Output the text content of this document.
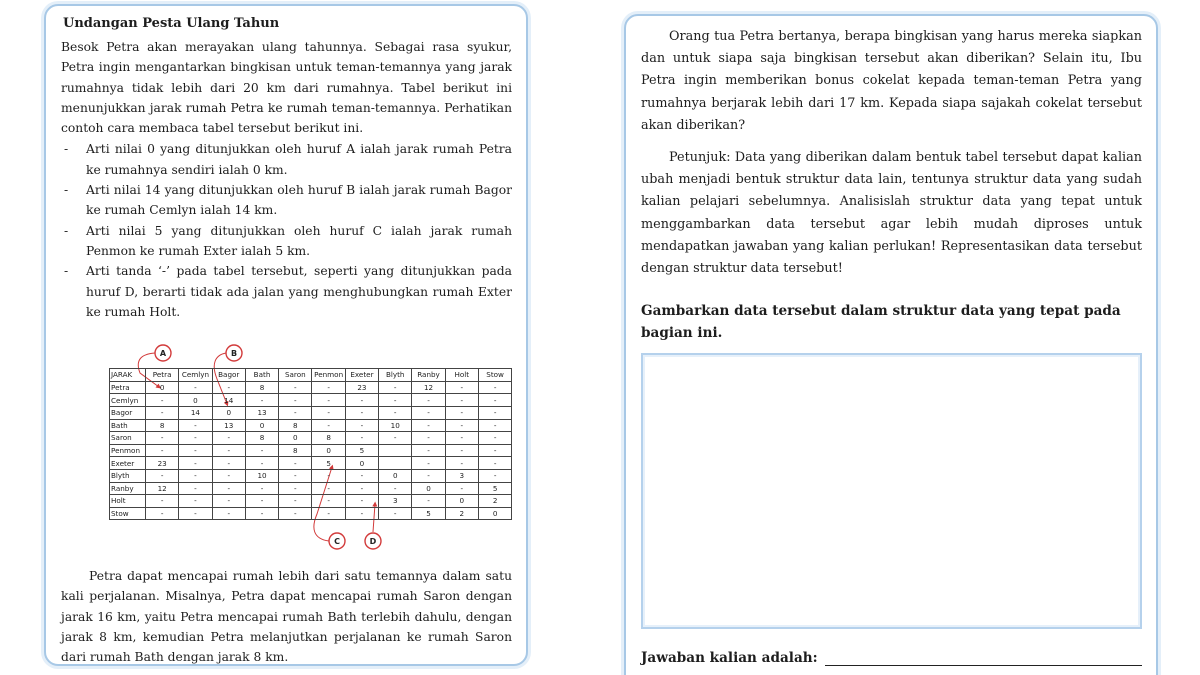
Undangan Pesta Ulang Tahun

Besok Petra akan merayakan ulang tahunnya. Sebagai rasa syukur, Petra ingin mengantarkan bingkisan untuk teman-temannya yang jarak rumahnya tidak lebih dari 20 km dari rumahnya. Tabel berikut ini menunjukkan jarak rumah Petra ke rumah teman-temannya. Perhatikan contoh cara membaca tabel tersebut berikut ini.

- Arti nilai 0 yang ditunjukkan oleh huruf A ialah jarak rumah Petra ke rumahnya sendiri ialah 0 km.
- Arti nilai 14 yang ditunjukkan oleh huruf B ialah jarak rumah Bagor ke rumah Cemlyn ialah 14 km.
- Arti nilai 5 yang ditunjukkan oleh huruf C ialah jarak rumah Penmon ke rumah Exter ialah 5 km.
- Arti tanda ‘-’ pada tabel tersebut, seperti yang ditunjukkan pada huruf D, berarti tidak ada jalan yang menghubungkan rumah Exter ke rumah Holt.
A	B
C	D
JARAK	Petra	Cemlyn	Bagor	Bath	Saron	Penmon	Exeter	Blyth	Ranby	Holt	Stow
Petra	0	-	-	8	-	-	23	-	12	-	-
Cemlyn	-	0	14	-	-	-	-	-	-	-	-
Bagor	-	14	0	13	-	-	-	-	-	-	-
Bath	8	-	13	0	8	-	-	10	-	-	-
Saron	-	-	-	8	0	8	-	-	-	-	-
Penmon	-	-	-	-	8	0	5		-	-	-
Exeter	23	-	-	-	-	5	0		-	-	-
Blyth	-	-	-	10	-	-	-	0	-	3	-
Ranby	12	-	-	-	-	-	-	-	0	-	5
Holt	-	-	-	-	-	-	-	3	-	0	2
Stow	-	-	-	-	-	-	-	-	5	2	0

Petra dapat mencapai rumah lebih dari satu temannya dalam satu kali perjalanan. Misalnya, Petra dapat mencapai rumah Saron dengan jarak 16 km, yaitu Petra mencapai rumah Bath terlebih dahulu, dengan jarak 8 km, kemudian Petra melanjutkan perjalanan ke rumah Saron dari rumah Bath dengan jarak 8 km.

Orang tua Petra bertanya, berapa bingkisan yang harus mereka siapkan dan untuk siapa saja bingkisan tersebut akan diberikan? Selain itu, Ibu Petra ingin memberikan bonus cokelat kepada teman-teman Petra yang rumahnya berjarak lebih dari 17 km. Kepada siapa sajakah cokelat tersebut akan diberikan?

Petunjuk: Data yang diberikan dalam bentuk tabel tersebut dapat kalian ubah menjadi bentuk struktur data lain, tentunya struktur data yang sudah kalian pelajari sebelumnya. Analisislah struktur data yang tepat untuk menggambarkan data tersebut agar lebih mudah diproses untuk mendapatkan jawaban yang kalian perlukan! Representasikan data tersebut dengan struktur data tersebut!

Gambarkan data tersebut dalam struktur data yang tepat pada bagian ini.

Jawaban kalian adalah:
